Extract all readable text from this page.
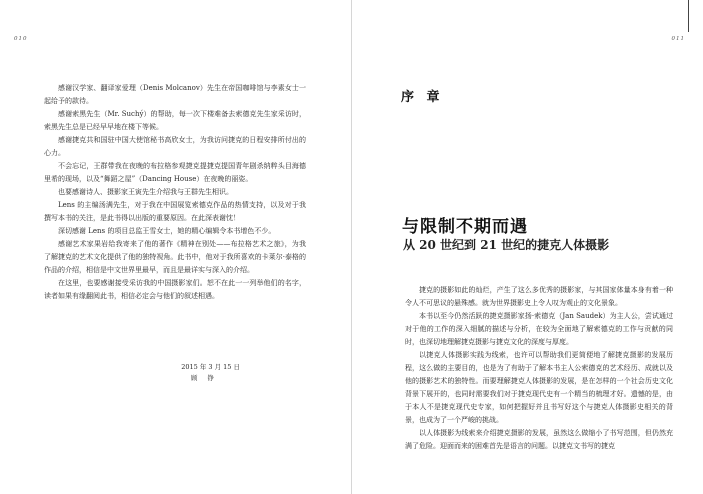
010

感谢汉学家、翻译家爱理（Denis Molcanov）先生在帝国咖啡馆与李素女士一起给予的款待。

感谢索黑先生（Mr. Suchý）的帮助，每一次下楼难备去索德克先生家采访时，索黑先生总是已经早早地在楼下等候。

感谢捷克共和国驻中国大使馆秘书高欣女士，为我访问捷克的日程安排所付出的心力。

不会忘记，王群带我在夜晚的布拉格参观捷克提捷克提国青年剧杀纳粹头目海德里希的现场，以及“舞蹈之屋”（Dancing House）在夜晚的丽姿。

也要感谢诗人、摄影家王寅先生介绍我与王群先生相识。

Lens 的主编汤满先生，对于我在中国展览索德克作品的热情支持，以及对于我撰写本书的关注，是此书得以出版的重要原因。在此深表谢忱！

深切感谢 Lens 的项目总监王雪女士，她的精心编辑令本书增色不少。

感谢艺术家果岩给我寄来了他的著作《精神在别处——布拉格艺术之旅》，为我了解捷克的艺术文化提供了他的独特视角。此书中，他对于我所喜欢的卡莱尔·泰格的作品的介绍，相信是中文世界里最早，而且是最详实与深入的介绍。

在这里，也要感谢接受采访我的中国摄影家们。恕不在此一一列举他们的名字，读者如果有缘翻阅此书，相信必定会与他们的叙述相遇。

2015 年 3 月 15 日
顾 铮
011
序 章
与限制不期而遇
从 20 世纪到 21 世纪的捷克人体摄影

捷克的摄影如此的灿烂，产生了这么多优秀的摄影家，与其国家体量本身有着一种令人不可思议的悬殊感。就为世界摄影史上令人叹为观止的文化景象。

本书以至今仍然活跃的捷克摄影家扬·索德克（Jan Saudek）为主人公，尝试通过对于他的工作的深入细腻的描述与分析，在较为全面地了解索德克的工作与贡献的同时，也深切地理解捷克摄影与捷克文化的深度与厚度。

以捷克人体摄影实践为线索，也许可以帮助我们更简便地了解捷克摄影的发展历程，这么做的主要目的，也是为了有助于了解本书主人公索德克的艺术经历、成就以及他的摄影艺术的独特性。而要理解捷克人体摄影的发展，是在怎样的一个社会历史文化背景下展开的，也同时需要我们对于捷克现代史有一个精当的梳理才好。遗憾的是，由于本人不是捷克现代史专家，如何把握好并且书写好这个与捷克人体摄影史相关的背景，也成为了一个严峻的挑战。

以人体摄影为线索来介绍捷克摄影的发展，虽然这么做缩小了书写范围，但仍然充满了危险。迎面而来的困难首先是语言的问题。以捷克文书写的捷克
